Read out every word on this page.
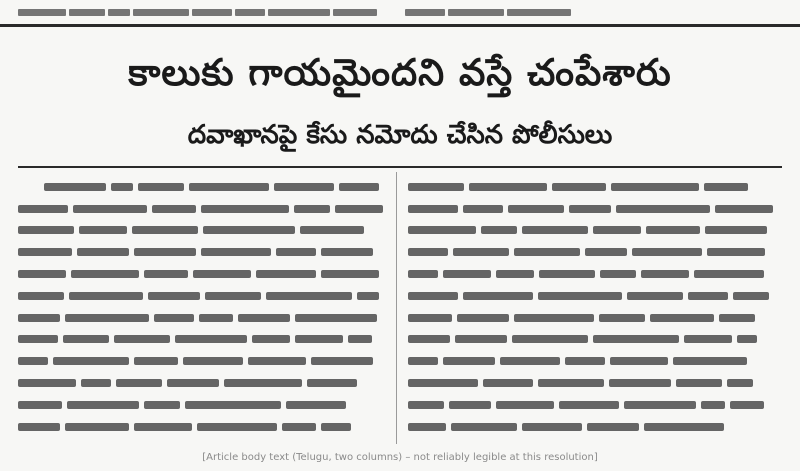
కాలుకు గాయమైందని వస్తే చంపేశారు
దవాఖానపై కేసు నమోదు చేసిన పోలీసులు
[Article body text (Telugu, two columns) – not reliably legible at this resolution]
